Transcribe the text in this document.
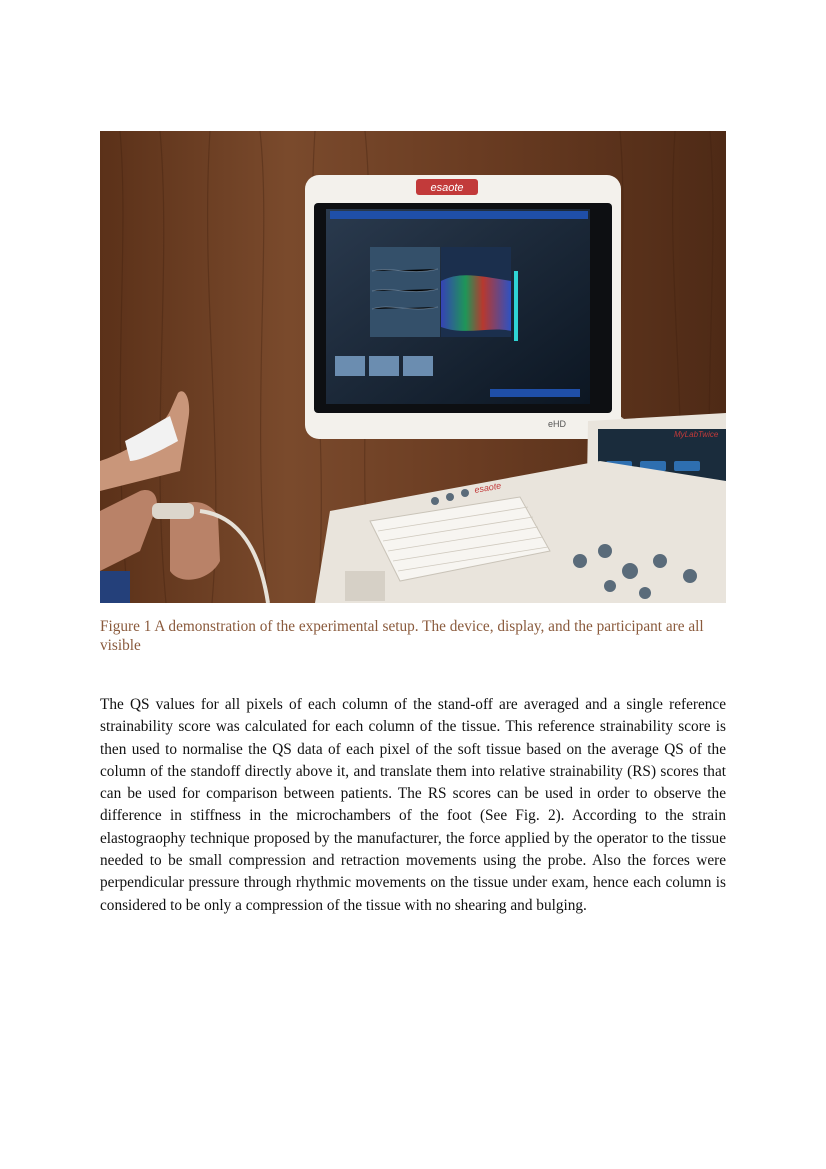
esaote
eHD
MyLabTwice
esaote
Figure 1 A demonstration of the experimental setup. The device, display, and the participant are all visible

The QS values for all pixels of each column of the stand-off are averaged and a single reference strainability score was calculated for each column of the tissue. This reference strainability score is then used to normalise the QS data of each pixel of the soft tissue based on the average QS of the column of the standoff directly above it, and translate them into relative strainability (RS) scores that can be used for comparison between patients. The RS scores can be used in order to observe the difference in stiffness in the microchambers of the foot (See Fig. 2). According to the strain elastograophy technique proposed by the manufacturer, the force applied by the operator to the tissue needed to be small compression and retraction movements using the probe. Also the forces were perpendicular pressure through rhythmic movements on the tissue under exam, hence each column is considered to be only a compression of the tissue with no shearing and bulging.
